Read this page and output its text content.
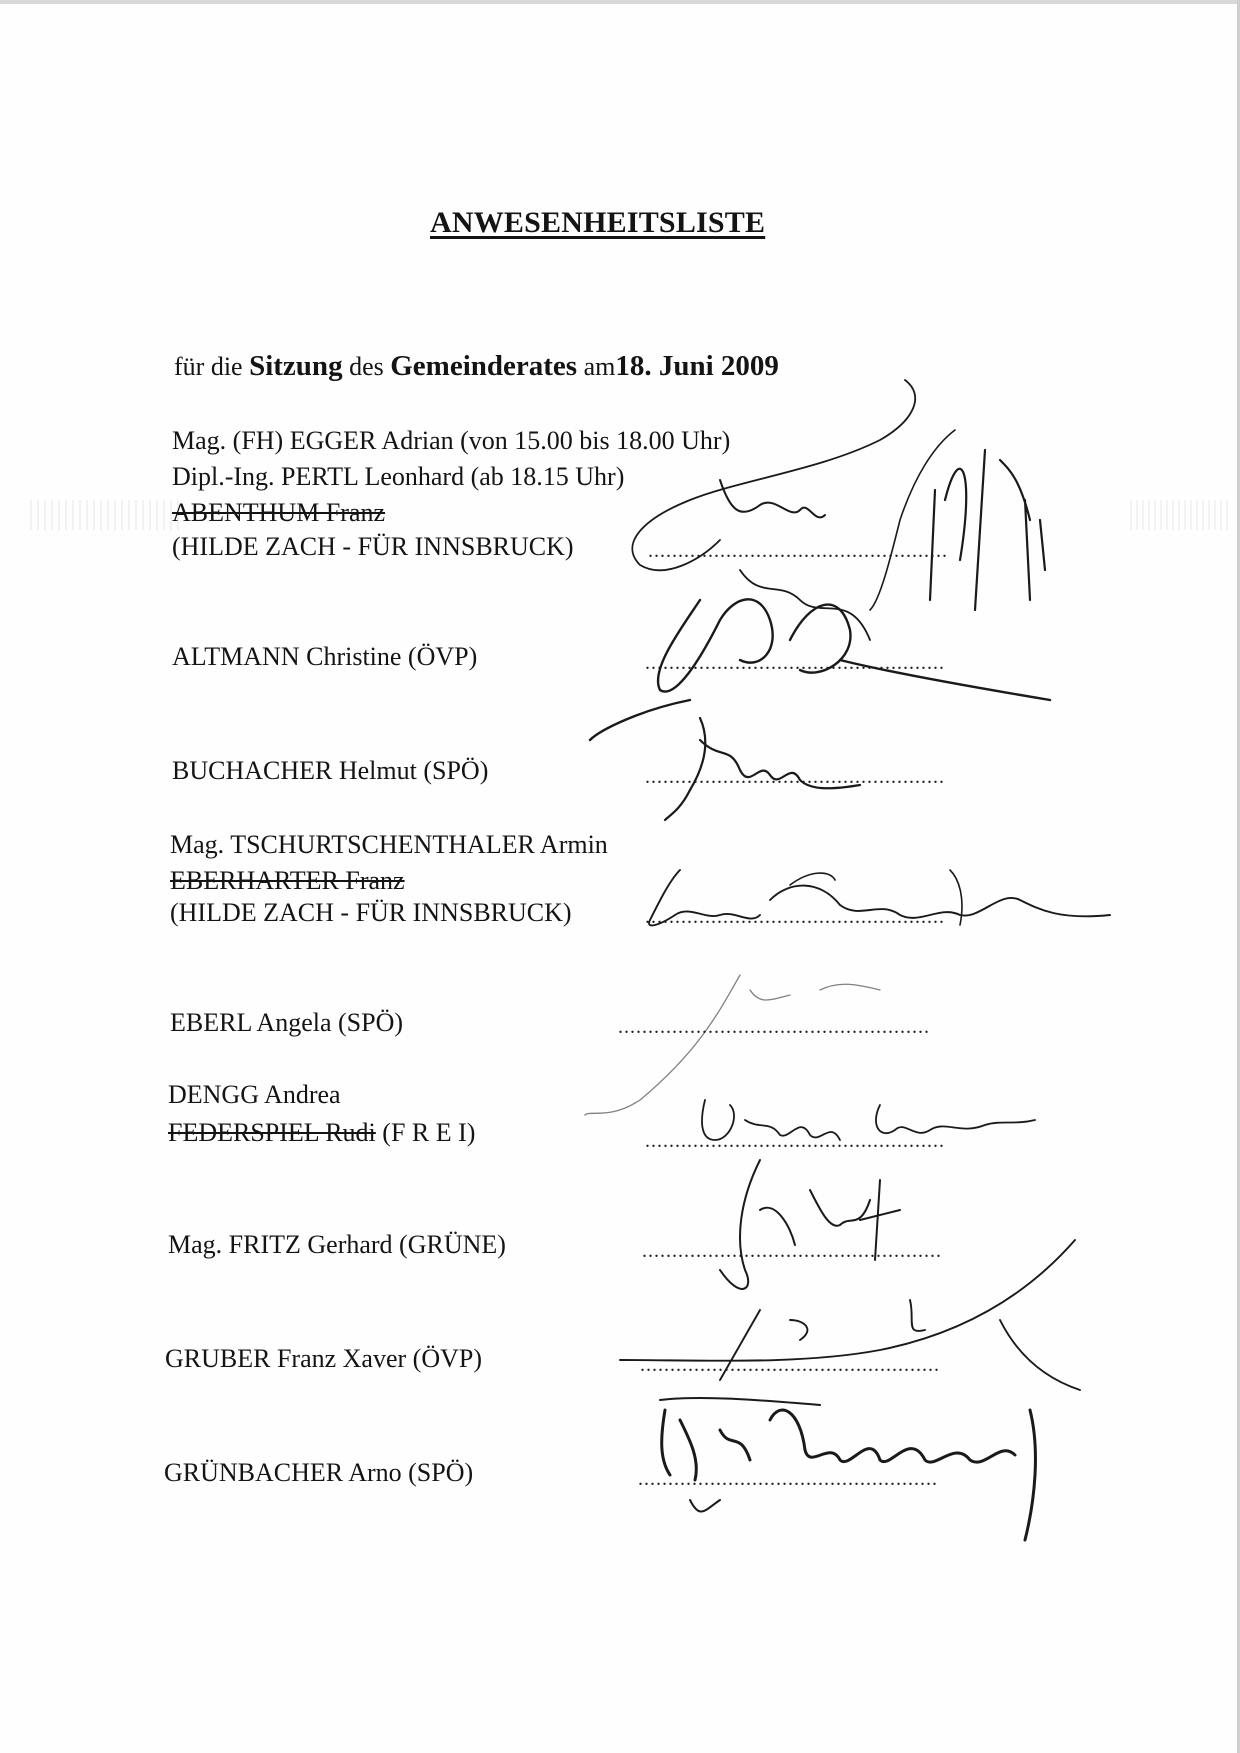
ANWESENHEITSLISTE
für die Sitzung des Gemeinderates am18. Juni 2009
Mag. (FH) EGGER Adrian (von 15.00 bis 18.00 Uhr)
Dipl.-Ing. PERTL Leonhard (ab 18.15 Uhr)
ABENTHUM Franz
(HILDE ZACH - FÜR INNSBRUCK)	..................................................
ALTMANN Christine (ÖVP)	..................................................
BUCHACHER Helmut (SPÖ)	..................................................
Mag. TSCHURTSCHENTHALER Armin
EBERHARTER Franz
(HILDE ZACH - FÜR INNSBRUCK)	..................................................
EBERL Angela (SPÖ)	....................................................
DENGG Andrea
FEDERSPIEL Rudi (F R E I)	..................................................
Mag. FRITZ Gerhard (GRÜNE)	..................................................
GRUBER Franz Xaver (ÖVP)	..................................................
GRÜNBACHER Arno (SPÖ)	..................................................
